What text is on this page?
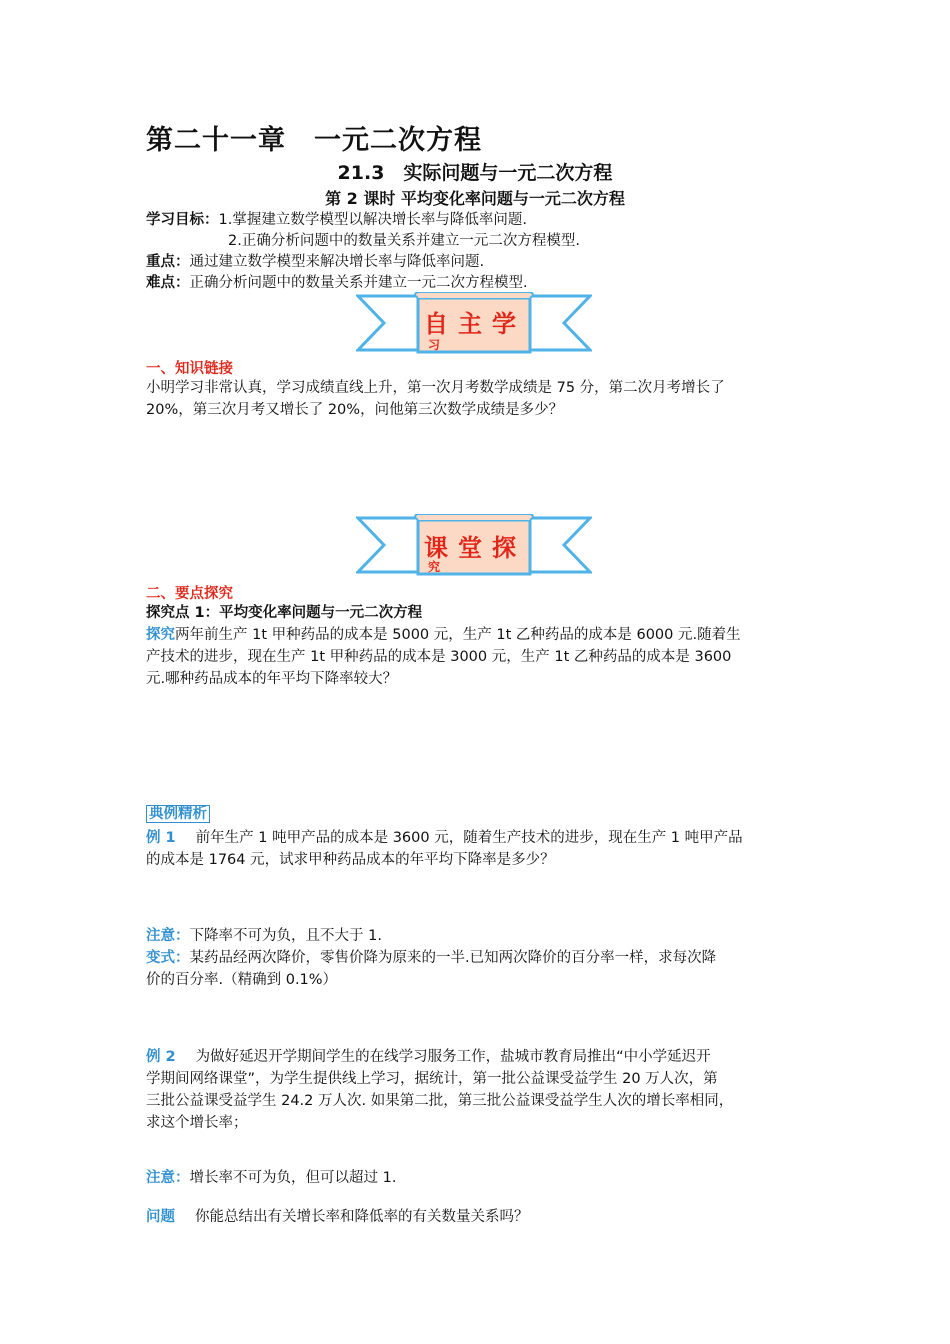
第二十一章　一元二次方程
21.3　实际问题与一元二次方程
第 2 课时 平均变化率问题与一元二次方程
学习目标：1.掌握建立数学模型以解决增长率与降低率问题.
2.正确分析问题中的数量关系并建立一元二次方程模型.
重点：通过建立数学模型来解决增长率与降低率问题.
难点：正确分析问题中的数量关系并建立一元二次方程模型.
自主学
习
一、知识链接
小明学习非常认真，学习成绩直线上升，第一次月考数学成绩是 75 分，第二次月考增长了
20%，第三次月考又增长了 20%，问他第三次数学成绩是多少？
课堂探
究
二、要点探究
探究点 1：平均变化率问题与一元二次方程
探究两年前生产 1t 甲种药品的成本是 5000 元，生产 1t 乙种药品的成本是 6000 元.随着生
产技术的进步，现在生产 1t 甲种药品的成本是 3000 元，生产 1t 乙种药品的成本是 3600
元.哪种药品成本的年平均下降率较大？
典例精析
例 1 前年生产 1 吨甲产品的成本是 3600 元，随着生产技术的进步，现在生产 1 吨甲产品
的成本是 1764 元，试求甲种药品成本的年平均下降率是多少？
注意：下降率不可为负，且不大于 1.
变式：某药品经两次降价，零售价降为原来的一半.已知两次降价的百分率一样，求每次降
价的百分率.（精确到 0.1%）
例 2 为做好延迟开学期间学生的在线学习服务工作，盐城市教育局推出“中小学延迟开
学期间网络课堂”，为学生提供线上学习，据统计，第一批公益课受益学生 20 万人次，第
三批公益课受益学生 24.2 万人次. 如果第二批，第三批公益课受益学生人次的增长率相同，
求这个增长率；
注意：增长率不可为负，但可以超过 1.
问题 你能总结出有关增长率和降低率的有关数量关系吗？
